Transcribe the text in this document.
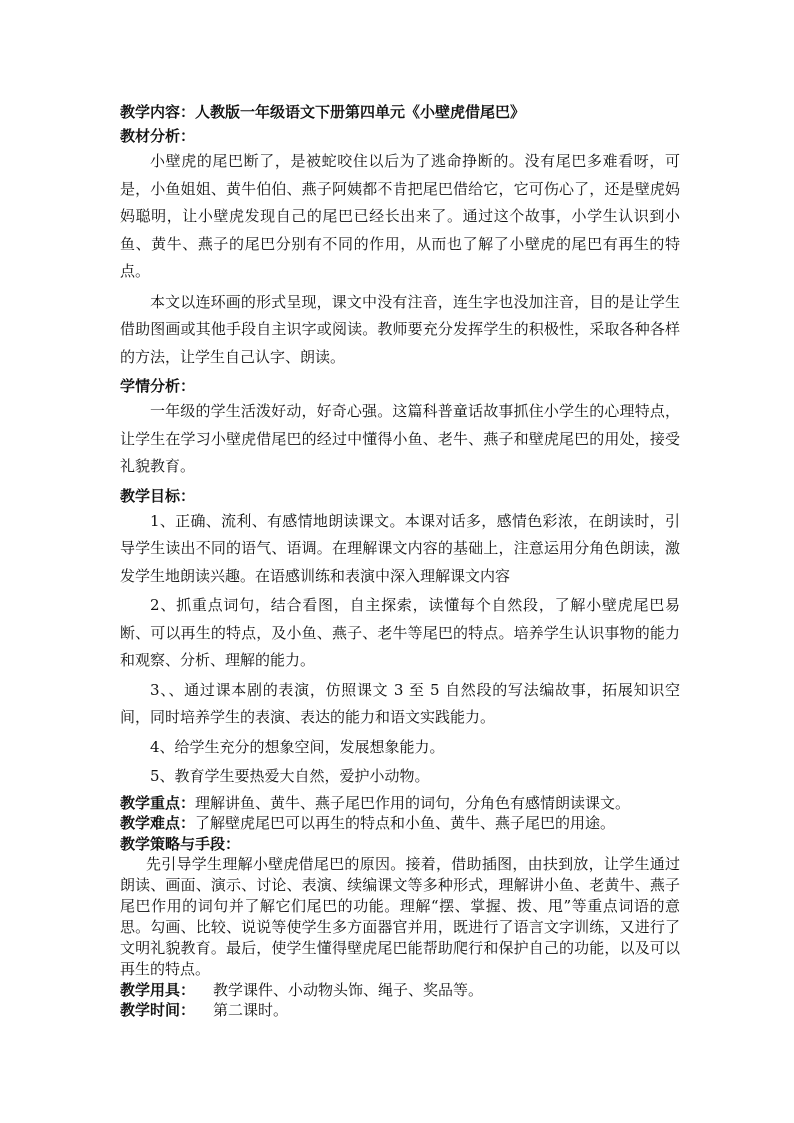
教学内容：人教版一年级语文下册第四单元《小壁虎借尾巴》
教材分析：

小壁虎的尾巴断了，是被蛇咬住以后为了逃命挣断的。没有尾巴多难看呀，可是，小鱼姐姐、黄牛伯伯、燕子阿姨都不肯把尾巴借给它，它可伤心了，还是壁虎妈妈聪明，让小壁虎发现自己的尾巴已经长出来了。通过这个故事，小学生认识到小鱼、黄牛、燕子的尾巴分别有不同的作用，从而也了解了小壁虎的尾巴有再生的特点。

本文以连环画的形式呈现，课文中没有注音，连生字也没加注音，目的是让学生借助图画或其他手段自主识字或阅读。教师要充分发挥学生的积极性，采取各种各样的方法，让学生自己认字、朗读。

学情分析：

一年级的学生活泼好动，好奇心强。这篇科普童话故事抓住小学生的心理特点，让学生在学习小壁虎借尾巴的经过中懂得小鱼、老牛、燕子和壁虎尾巴的用处，接受礼貌教育。

教学目标：

1、正确、流利、有感情地朗读课文。本课对话多，感情色彩浓，在朗读时，引导学生读出不同的语气、语调。在理解课文内容的基础上，注意运用分角色朗读，激发学生地朗读兴趣。在语感训练和表演中深入理解课文内容

2、抓重点词句，结合看图，自主探索，读懂每个自然段，了解小壁虎尾巴易断、可以再生的特点，及小鱼、燕子、老牛等尾巴的特点。培养学生认识事物的能力和观察、分析、理解的能力。

3、、通过课本剧的表演，仿照课文 3 至 5 自然段的写法编故事，拓展知识空间，同时培养学生的表演、表达的能力和语文实践能力。

4、给学生充分的想象空间，发展想象能力。

5、教育学生要热爱大自然，爱护小动物。

教学重点：理解讲鱼、黄牛、燕子尾巴作用的词句，分角色有感情朗读课文。
教学难点：了解壁虎尾巴可以再生的特点和小鱼、黄牛、燕子尾巴的用途。
教学策略与手段：

先引导学生理解小壁虎借尾巴的原因。接着，借助插图，由扶到放，让学生通过朗读、画面、演示、讨论、表演、续编课文等多种形式，理解讲小鱼、老黄牛、燕子尾巴作用的词句并了解它们尾巴的功能。理解“摆、掌握、拨、甩”等重点词语的意思。勾画、比较、说说等使学生多方面器官并用，既进行了语言文字训练，又进行了文明礼貌教育。最后，使学生懂得壁虎尾巴能帮助爬行和保护自己的功能，以及可以再生的特点。

教学用具： 教学课件、小动物头饰、绳子、奖品等。
教学时间： 第二课时。
